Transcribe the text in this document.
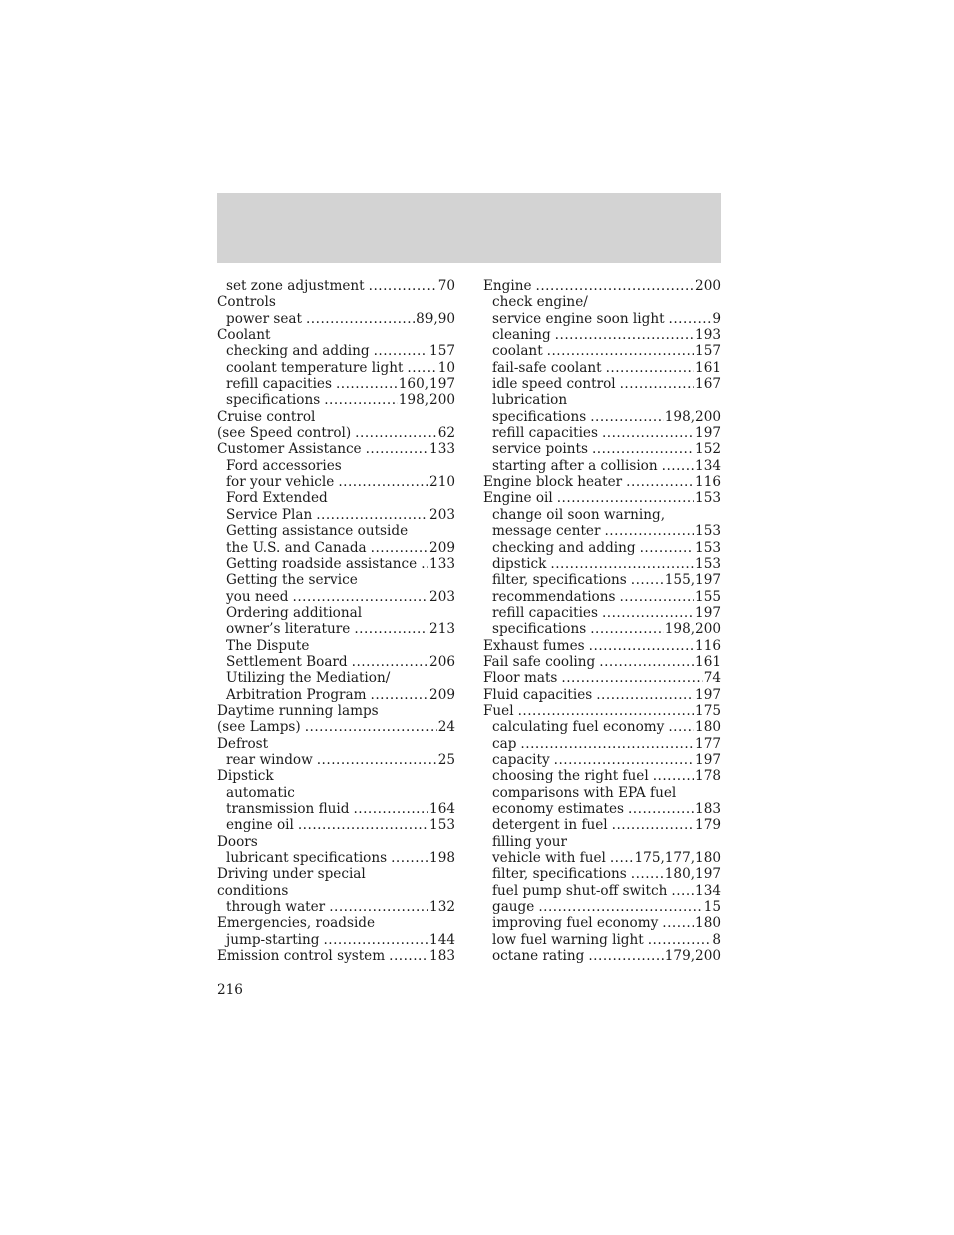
set zone adjustment .....	70
Controls
power seat .....	89,90
Coolant
checking and adding .....	157
coolant temperature light .....	10
refill capacities .....	160,197
specifications .....	198,200
Cruise control
(see Speed control) .....	62
Customer Assistance .....	133
Ford accessories
for your vehicle .....	210
Ford Extended
Service Plan .....	203
Getting assistance outside
the U.S. and Canada .....	209
Getting roadside assistance ..... 133
Getting the service
you need .....	203
Ordering additional
owner’s literature .....	213
The Dispute
Settlement Board .....	206
Utilizing the Mediation/
Arbitration Program .....	209
Daytime running lamps
(see Lamps) .....	24
Defrost
rear window .....	25
Dipstick
automatic
transmission fluid .....	164
engine oil .....	153
Doors
lubricant specifications .....	198
Driving under special
conditions
through water .....	132
Emergencies, roadside
jump-starting .....	144
Emission control system .....	183
Engine .....	200
check engine/
service engine soon light .....	9
cleaning .....	193
coolant .....	157
fail-safe coolant .....	161
idle speed control .....	167
lubrication
specifications .....	198,200
refill capacities .....	197
service points .....	152
starting after a collision .....	134
Engine block heater .....	116
Engine oil .....	153
change oil soon warning,
message center .....	153
checking and adding .....	153
dipstick .....	153
filter, specifications .....	155,197
recommendations .....	155
refill capacities .....	197
specifications .....	198,200
Exhaust fumes .....	116
Fail safe cooling .....	161
Floor mats .....	74
Fluid capacities .....	197
Fuel .....	175
calculating fuel economy ..... 180
cap .....	177
capacity .....	197
choosing the right fuel .....	178
comparisons with EPA fuel
economy estimates .....	183
detergent in fuel .....	179
filling your
vehicle with fuel ..... 175,177,180
filter, specifications .....	180,197
fuel pump shut-off switch ..... 134
gauge .....	15
improving fuel economy .....	180
low fuel warning light .....	8
octane rating .....	179,200
216
